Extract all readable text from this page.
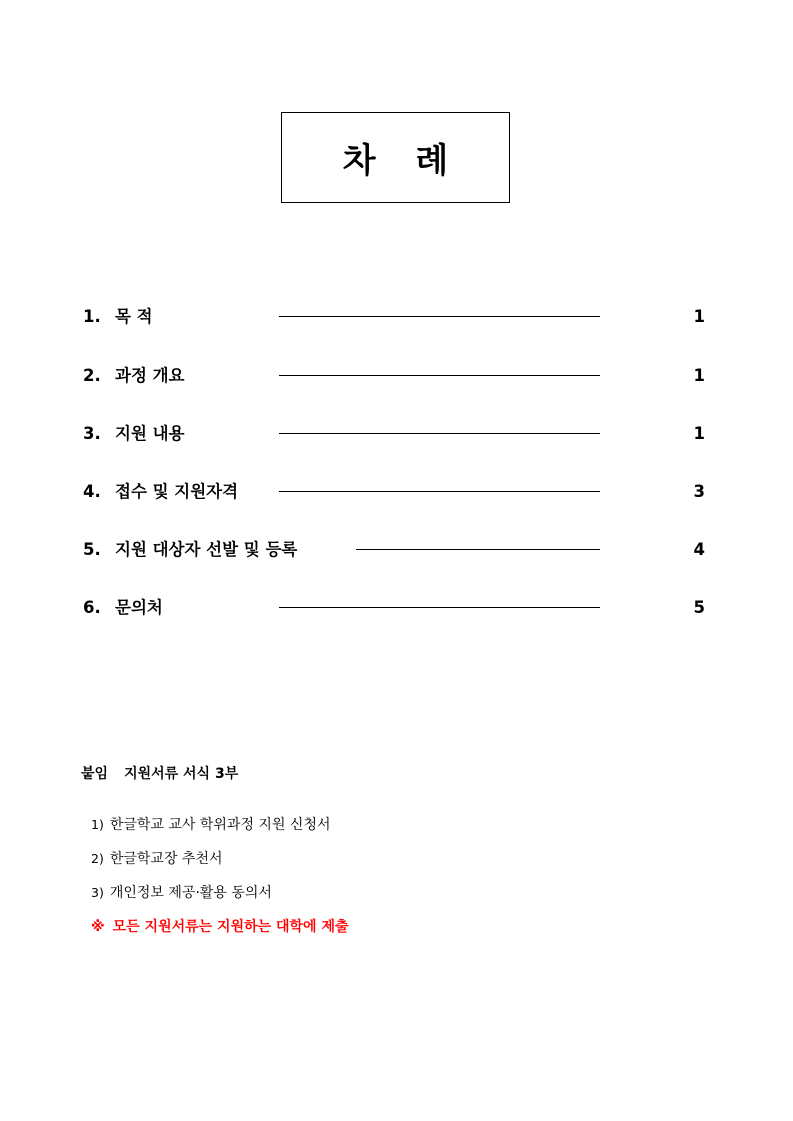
차 례
1. 목 적	1
2. 과정 개요	1
3. 지원 내용	1
4. 접수 및 지원자격	3
5. 지원 대상자 선발 및 등록	4
6. 문의처	5
붙임 지원서류 서식 3부
1) 한글학교 교사 학위과정 지원 신청서
2) 한글학교장 추천서
3) 개인정보 제공·활용 동의서
※ 모든 지원서류는 지원하는 대학에 제출
